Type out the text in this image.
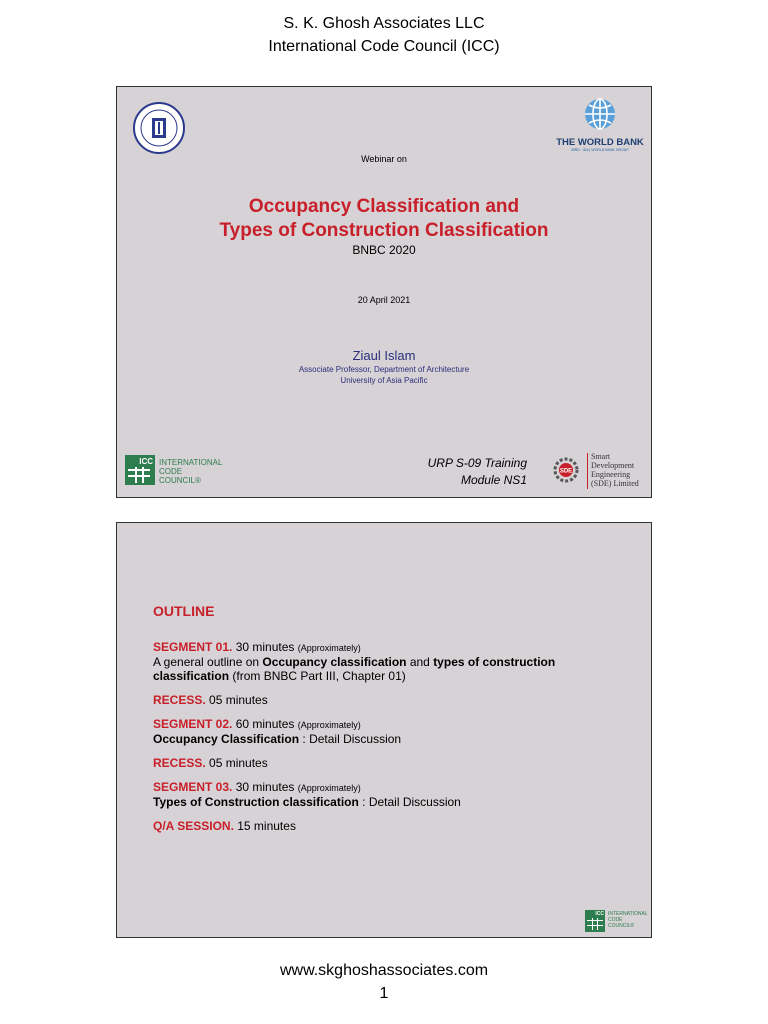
S. K. Ghosh Associates LLC
International Code Council (ICC)
THE WORLD BANK
IBRD · IDA | WORLD BANK GROUP
Webinar on
Occupancy Classification and
Types of Construction Classification
BNBC 2020
20 April 2021
Ziaul Islam
Associate Professor, Department of Architecture
University of Asia Pacific
ICC INTERNATIONAL
CODE
COUNCIL®
URP S-09 Training
Module NS1
SDE
Smart
Development
Engineering
(SDE) Limited
OUTLINE
SEGMENT 01. 30 minutes (Approximately)
A general outline on Occupancy classification and types of construction classification (from BNBC Part III, Chapter 01)
RECESS. 05 minutes
SEGMENT 02. 60 minutes (Approximately)
Occupancy Classification : Detail Discussion
RECESS. 05 minutes
SEGMENT 03. 30 minutes (Approximately)
Types of Construction classification : Detail Discussion
Q/A SESSION. 15 minutes
ICC INTERNATIONAL
CODE
COUNCIL®
www.skghoshassociates.com
1
